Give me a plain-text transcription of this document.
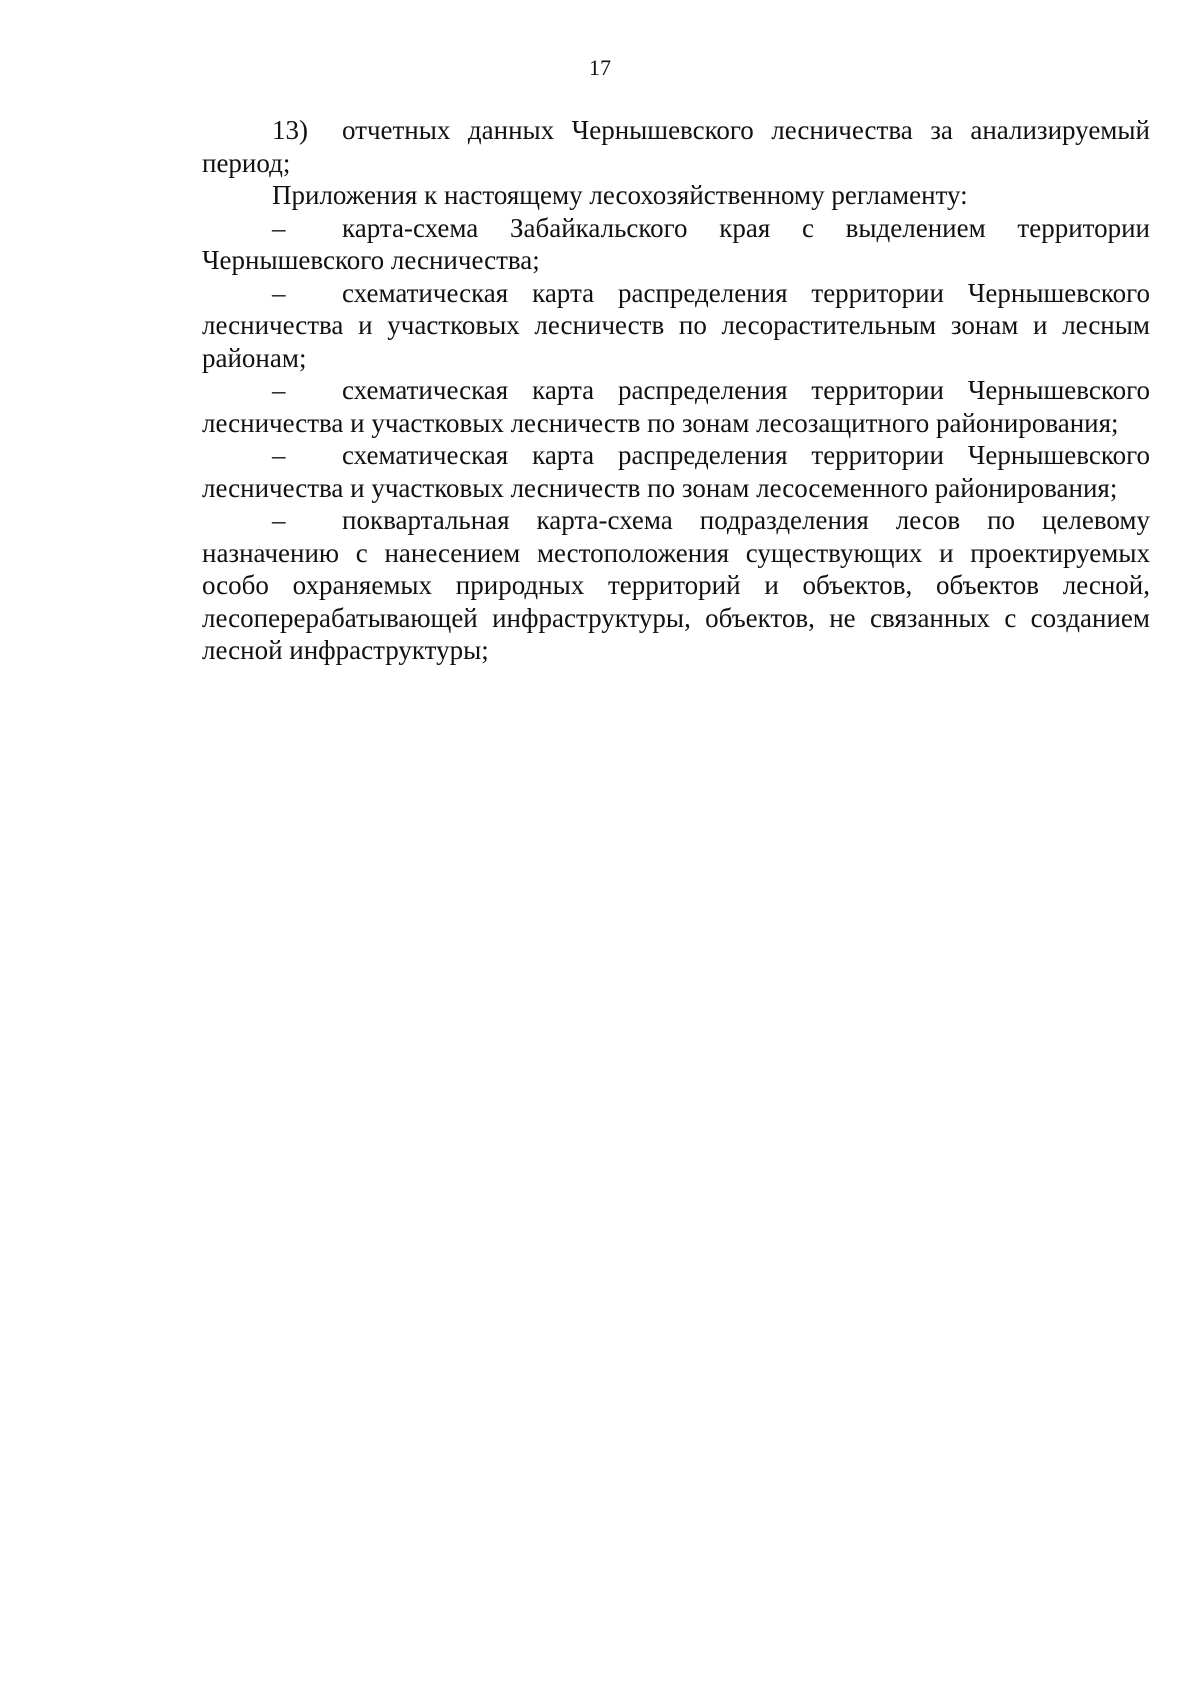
17

13) отчетных данных Чернышевского лесничества за анализируемый период;

Приложения к настоящему лесохозяйственному регламенту:

– карта-схема Забайкальского края с выделением территории Чернышевского лесничества;

– схематическая карта распределения территории Чернышевского лесничества и участковых лесничеств по лесорастительным зонам и лесным районам;

– схематическая карта распределения территории Чернышевского лесничества и участковых лесничеств по зонам лесозащитного районирования;

– схематическая карта распределения территории Чернышевского лесничества и участковых лесничеств по зонам лесосеменного районирования;

– поквартальная карта-схема подразделения лесов по целевому назначению с нанесением местоположения существующих и проектируемых особо охраняемых природных территорий и объектов, объектов лесной, лесоперерабатывающей инфраструктуры, объектов, не связанных с созданием лесной инфраструктуры;
